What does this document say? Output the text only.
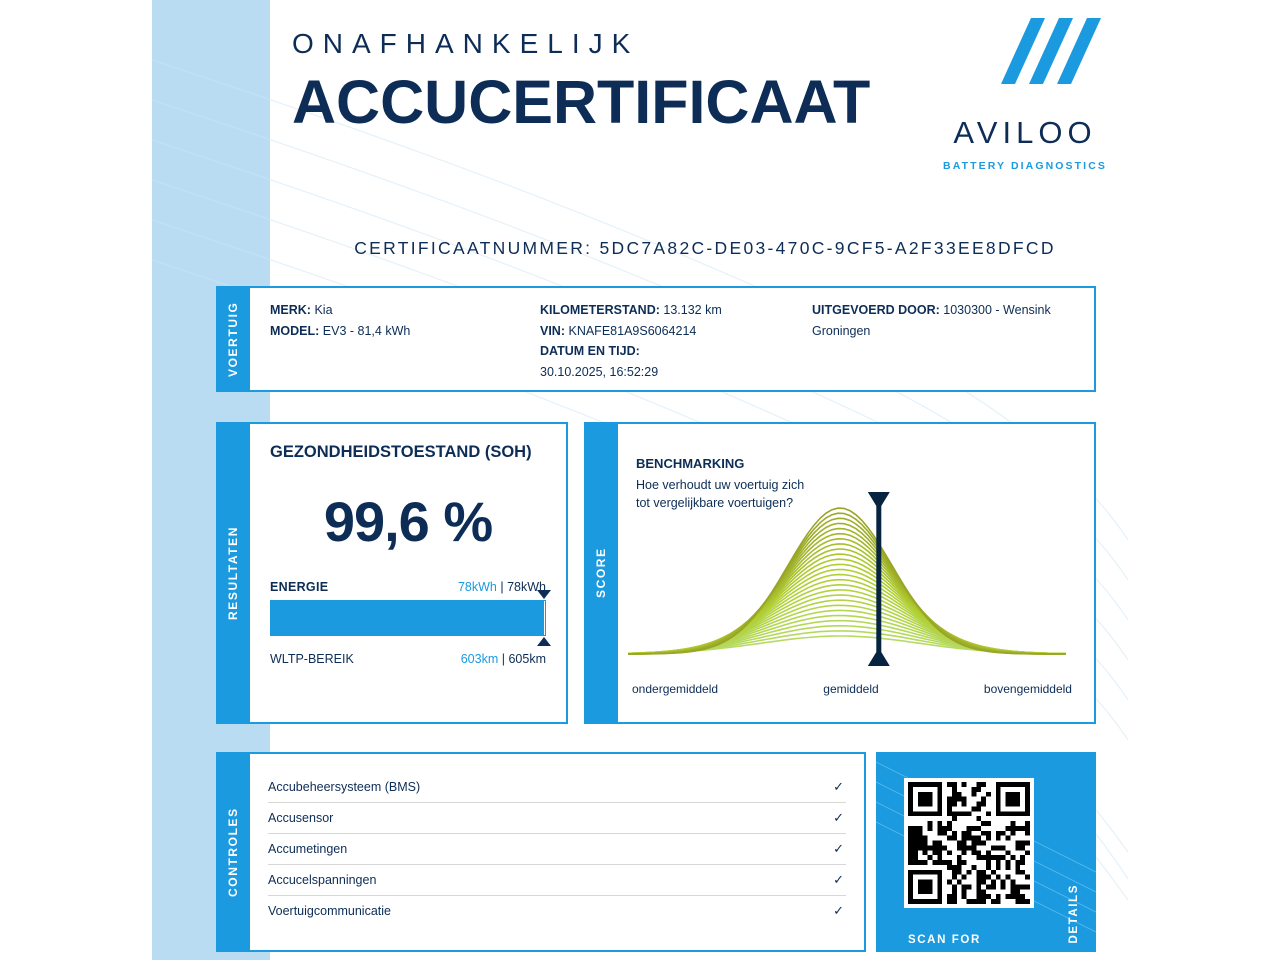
ONAFHANKELIJK
ACCUCERTIFICAAT	AVILOO
BATTERY DIAGNOSTICS
CERTIFICAATNUMMER: 5DC7A82C-DE03-470C-9CF5-A2F33EE8DFCD
VOERTUIG	MERK: Kia
MODEL: EV3 - 81,4 kWh
KILOMETERSTAND: 13.132 km
VIN: KNAFE81A9S6064214
DATUM EN TIJD:
30.10.2025, 16:52:29
UITGEVOERD DOOR: 1030300 - Wensink Groningen
RESULTATEN
GEZONDHEIDSTOESTAND (SOH)
99,6 %
ENERGIE	78kWh | 78kWh
WLTP-BEREIK	603km | 605km
SCORE
BENCHMARKING
Hoe verhoudt uw voertuig zich tot vergelijkbare voertuigen?
ondergemiddeld	gemiddeld	bovengemiddeld
CONTROLES
Accubeheersysteem (BMS)	✓
Accusensor	✓
Accumetingen	✓
Accucelspanningen	✓
Voertuigcommunicatie	✓
SCAN FOR	DETAILS
